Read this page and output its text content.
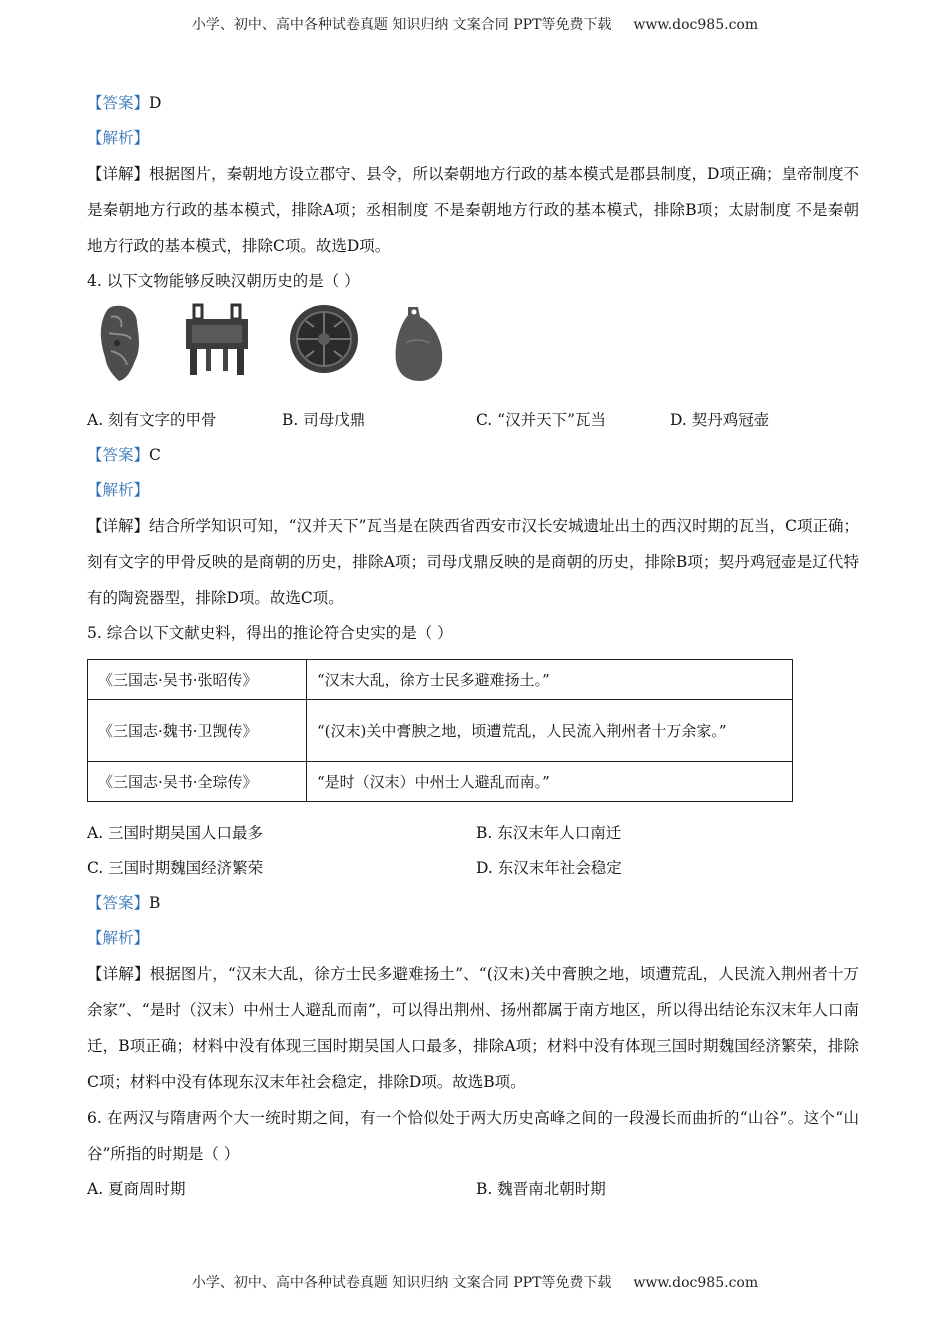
小学、初中、高中各种试卷真题 知识归纳 文案合同 PPT等免费下载 www.doc985.com
【答案】D
【解析】
【详解】根据图片，秦朝地方设立郡守、县令，所以秦朝地方行政的基本模式是郡县制度，D项正确；皇帝制度不是秦朝地方行政的基本模式，排除A项；丞相制度 不是秦朝地方行政的基本模式，排除B项；太尉制度 不是秦朝地方行政的基本模式，排除C项。故选D项。
4. 以下文物能够反映汉朝历史的是（ ）
A. 刻有文字的甲骨	B. 司母戊鼎	C. “汉并天下”瓦当	D. 契丹鸡冠壶
【答案】C
【解析】
【详解】结合所学知识可知，“汉并天下”瓦当是在陕西省西安市汉长安城遗址出土的西汉时期的瓦当，C项正确；刻有文字的甲骨反映的是商朝的历史，排除A项；司母戊鼎反映的是商朝的历史，排除B项；契丹鸡冠壶是辽代特有的陶瓷器型，排除D项。故选C项。
5. 综合以下文献史料，得出的推论符合史实的是（ ）
《三国志·吴书·张昭传》	“汉末大乱，徐方士民多避难扬土。”
《三国志·魏书·卫觊传》	“(汉末)关中膏腴之地，顷遭荒乱，人民流入荆州者十万余家。”
《三国志·吴书·全琮传》	“是时（汉末）中州士人避乱而南。”
A. 三国时期吴国人口最多	B. 东汉末年人口南迁
C. 三国时期魏国经济繁荣	D. 东汉末年社会稳定
【答案】B
【解析】
【详解】根据图片，“汉末大乱，徐方士民多避难扬土”、“(汉末)关中膏腴之地，顷遭荒乱，人民流入荆州者十万余家”、“是时（汉末）中州士人避乱而南”，可以得出荆州、扬州都属于南方地区，所以得出结论东汉末年人口南迁，B项正确；材料中没有体现三国时期吴国人口最多，排除A项；材料中没有体现三国时期魏国经济繁荣，排除C项；材料中没有体现东汉末年社会稳定，排除D项。故选B项。
6. 在两汉与隋唐两个大一统时期之间，有一个恰似处于两大历史高峰之间的一段漫长而曲折的“山谷”。这个“山谷”所指的时期是（ ）
A. 夏商周时期	B. 魏晋南北朝时期
小学、初中、高中各种试卷真题 知识归纳 文案合同 PPT等免费下载 www.doc985.com
